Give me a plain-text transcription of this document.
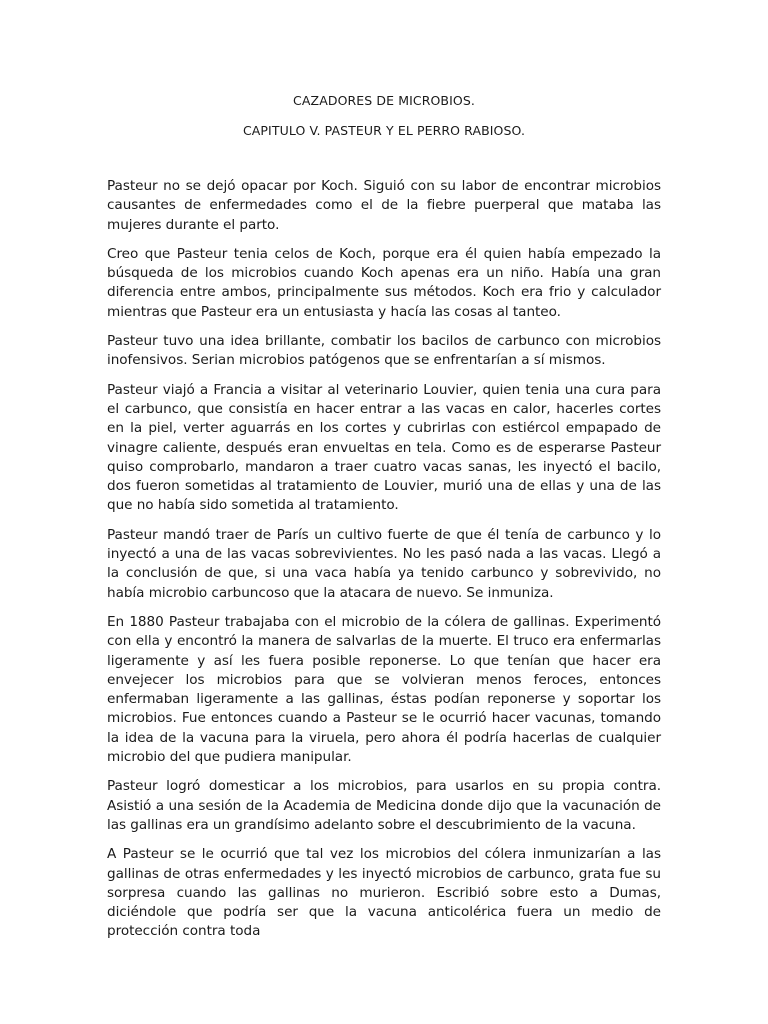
CAZADORES DE MICROBIOS.
CAPITULO V. PASTEUR Y EL PERRO RABIOSO.

Pasteur no se dejó opacar por Koch. Siguió con su labor de encontrar microbios causantes de enfermedades como el de la fiebre puerperal que mataba las mujeres durante el parto.

Creo que Pasteur tenia celos de Koch, porque era él quien había empezado la búsqueda de los microbios cuando Koch apenas era un niño. Había una gran diferencia entre ambos, principalmente sus métodos. Koch era frio y calculador mientras que Pasteur era un entusiasta y hacía las cosas al tanteo.

Pasteur tuvo una idea brillante, combatir los bacilos de carbunco con microbios inofensivos. Serian microbios patógenos que se enfrentarían a sí mismos.

Pasteur viajó a Francia a visitar al veterinario Louvier, quien tenia una cura para el carbunco, que consistía en hacer entrar a las vacas en calor, hacerles cortes en la piel, verter aguarrás en los cortes y cubrirlas con estiércol empapado de vinagre caliente, después eran envueltas en tela. Como es de esperarse Pasteur quiso comprobarlo, mandaron a traer cuatro vacas sanas, les inyectó el bacilo, dos fueron sometidas al tratamiento de Louvier, murió una de ellas y una de las que no había sido sometida al tratamiento.

Pasteur mandó traer de París un cultivo fuerte de que él tenía de carbunco y lo inyectó a una de las vacas sobrevivientes. No les pasó nada a las vacas. Llegó a la conclusión de que, si una vaca había ya tenido carbunco y sobrevivido, no había microbio carbuncoso que la atacara de nuevo. Se inmuniza.

En 1880 Pasteur trabajaba con el microbio de la cólera de gallinas. Experimentó con ella y encontró la manera de salvarlas de la muerte. El truco era enfermarlas ligeramente y así les fuera posible reponerse. Lo que tenían que hacer era envejecer los microbios para que se volvieran menos feroces, entonces enfermaban ligeramente a las gallinas, éstas podían reponerse y soportar los microbios. Fue entonces cuando a Pasteur se le ocurrió hacer vacunas, tomando la idea de la vacuna para la viruela, pero ahora él podría hacerlas de cualquier microbio del que pudiera manipular.

Pasteur logró domesticar a los microbios, para usarlos en su propia contra. Asistió a una sesión de la Academia de Medicina donde dijo que la vacunación de las gallinas era un grandísimo adelanto sobre el descubrimiento de la vacuna.

A Pasteur se le ocurrió que tal vez los microbios del cólera inmunizarían a las gallinas de otras enfermedades y les inyectó microbios de carbunco, grata fue su sorpresa cuando las gallinas no murieron. Escribió sobre esto a Dumas, diciéndole que podría ser que la vacuna anticolérica fuera un medio de protección contra toda
